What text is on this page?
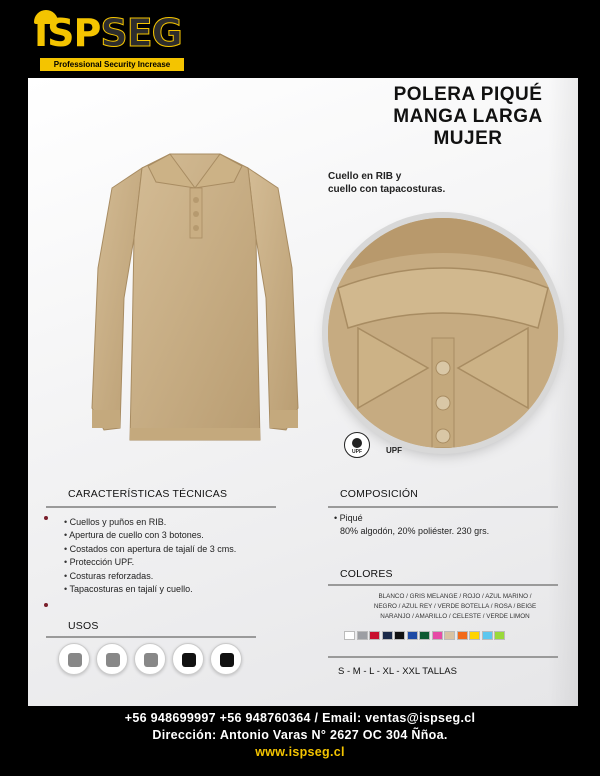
ISPSEG
Professional Security Increase
POLERA PIQUÉ
MANGA LARGA
MUJER
Cuello en RIB y
cuello con tapacosturas.
UPF	UPF
CARACTERÍSTICAS TÉCNICAS
• Cuellos y puños en RIB.
• Apertura de cuello con 3 botones.
• Costados con apertura de tajalí de 3 cms.
• Protección UPF.
• Costuras reforzadas.
• Tapacosturas en tajalí y cuello.
USOS
COMPOSICIÓN
• Piqué
80% algodón, 20% poliéster. 230 grs.
COLORES
BLANCO / GRIS MELANGE / ROJO / AZUL MARINO /
NEGRO / AZUL REY / VERDE BOTELLA / ROSA / BEIGE
NARANJO / AMARILLO / CELESTE / VERDE LIMON
S - M - L - XL - XXL TALLAS
+56 948699997 +56 948760364 / Email: ventas@ispseg.cl
Dirección: Antonio Varas N° 2627 OC 304 Ññoa.
www.ispseg.cl
